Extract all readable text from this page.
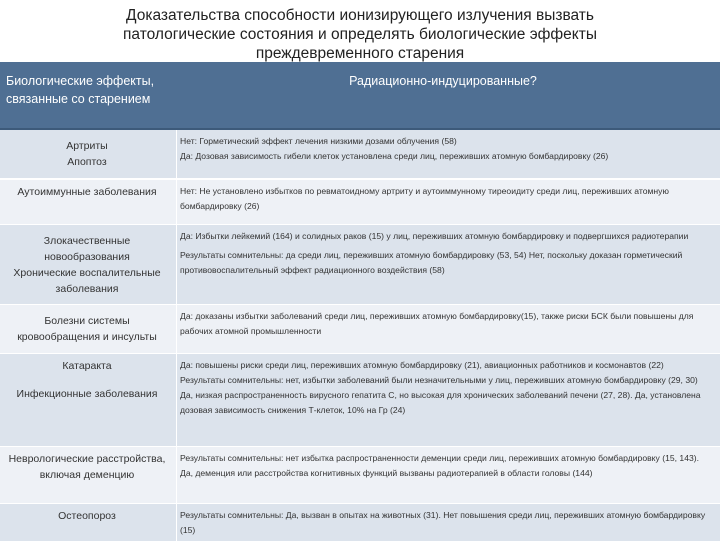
Доказательства способности ионизирующего излучения вызвать
патологические состояния и определять биологические эффекты
преждевременного старения
Биологические эффекты, связанные со старением
Радиационно-индуцированные?
Артриты
Апоптоз
Нет: Горметический эффект лечения низкими дозами облучения (58)
Да: Дозовая зависимость гибели клеток установлена среди лиц, переживших атомную бомбардировку (26)
Аутоиммунные заболевания	Нет: Не установлено избытков по ревматоидному артриту и аутоиммунному тиреоидиту среди лиц, переживших атомную бомбардировку (26)
Злокачественные новообразования
Хронические воспалительные заболевания
Да: Избытки лейкемий (164) и солидных раков (15) у лиц, переживших атомную бомбардировку и подвергшихся радиотерапии
Результаты сомнительны: да среди лиц, переживших атомную бомбардировку (53, 54) Нет, поскольку доказан горметический противовоспалительный эффект радиационного воздействия (58)
Болезни системы кровообращения и инсульты
Да: доказаны избытки заболеваний среди лиц, переживших атомную бомбардировку(15), также риски БСК были повышены для рабочих атомной промышленности
Катаракта
Инфекционные заболевания
Да: повышены риски среди лиц, переживших атомную бомбардировку (21), авиационных работников и космонавтов (22)
Результаты сомнительны: нет, избытки заболеваний были незначительными у лиц, переживших атомную бомбардировку (29, 30) Да, низкая распространенность вирусного гепатита С, но высокая для хронических заболеваний печени (27, 28). Да, установлена дозовая зависимость снижения Т-клеток, 10% на Гр (24)
Неврологические расстройства, включая деменцию
Результаты сомнительны: нет избытка распространенности деменции среди лиц, переживших атомную бомбардировку (15, 143). Да, деменция или расстройства когнитивных функций вызваны радиотерапией в области головы (144)
Остеопороз	Результаты сомнительны: Да, вызван в опытах на животных (31). Нет повышения среди лиц, переживших атомную бомбардировку (15)
